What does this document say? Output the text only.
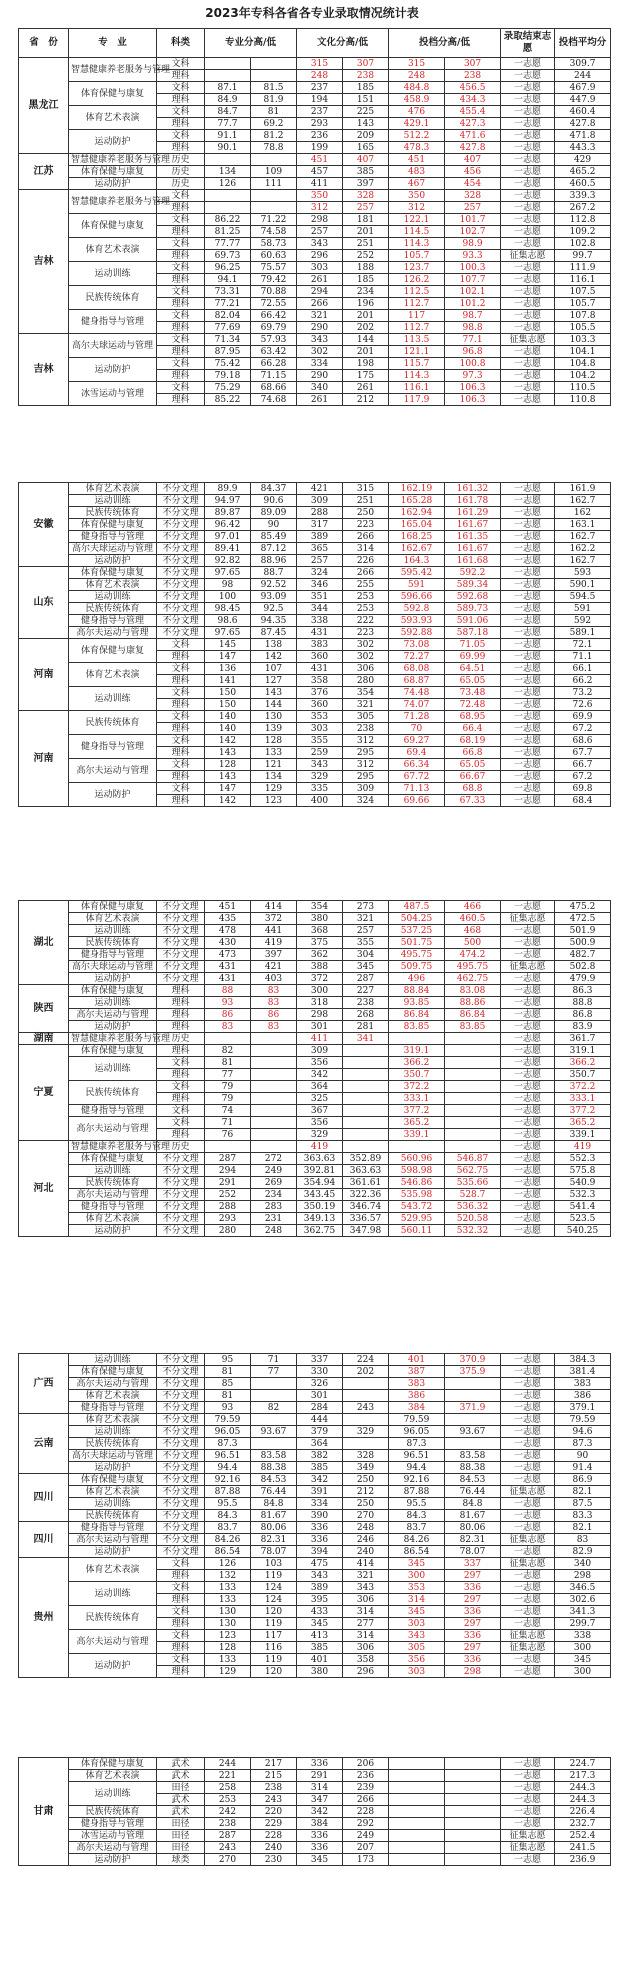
2023年专科各省各专业录取情况统计表
省　份	专　业	科类	专业分高/低		文化分高/低		投档分高/低		录取结束志愿	投档平均分
黑龙江	智慧健康养老服务与管理	文科			315	307	315	307	一志愿	309.7
		理科			248	238	248	238	一志愿	244
	体育保健与康复	文科	87.1	81.5	237	185	484.8	456.5	一志愿	467.9
		理科	84.9	81.9	194	151	458.9	434.3	一志愿	447.9
	体育艺术表演	文科	84.7	81	237	225	476	455.4	一志愿	460.4
		理科	77.7	69.2	293	143	429.1	427.3	一志愿	427.8
	运动防护	文科	91.1	81.2	236	209	512.2	471.6	一志愿	471.8
		理科	90.1	78.8	199	165	478.3	427.8	一志愿	443.3
江苏	智慧健康养老服务与管理	历史			451	407	451	407	一志愿	429
	体育保健与康复	历史	134	109	457	385	483	456	一志愿	465.2
	运动防护	历史	126	111	411	397	467	454	一志愿	460.5
吉林	智慧健康养老服务与管理	文科			350	328	350	328	一志愿	339.3
		理科			312	257	312	257	一志愿	267.2
	体育保健与康复	文科	86.22	71.22	298	181	122.1	101.7	一志愿	112.8
		理科	81.25	74.58	257	201	114.5	102.7	一志愿	109.2
	体育艺术表演	文科	77.77	58.73	343	251	114.3	98.9	一志愿	102.8
		理科	69.73	60.63	296	252	105.7	93.3	征集志愿	99.7
	运动训练	文科	96.25	75.57	303	188	123.7	100.3	一志愿	111.9
		理科	94.1	79.42	261	185	126.2	107.7	一志愿	116.1
	民族传统体育	文科	73.31	70.88	294	234	112.5	102.1	一志愿	107.5
		理科	77.21	72.55	266	196	112.7	101.2	一志愿	105.7
	健身指导与管理	文科	82.04	66.42	321	201	117	98.7	一志愿	107.8
		理科	77.69	69.79	290	202	112.7	98.8	一志愿	105.5
吉林	高尔夫球运动与管理	文科	71.34	57.93	343	144	113.5	77.1	征集志愿	103.3
		理科	87.95	63.42	302	201	121.1	96.8	一志愿	104.1
	运动防护	文科	75.42	66.28	334	198	115.7	100.8	一志愿	104.8
		理科	79.18	71.15	290	175	114.3	97.3	一志愿	104.2
	冰雪运动与管理	文科	75.29	68.66	340	261	116.1	106.3	一志愿	110.5
		理科	85.22	74.68	261	212	117.9	106.3	一志愿	110.8
安徽	体育艺术表演	不分文理	89.9	84.37	421	315	162.19	161.32	一志愿	161.9
	运动训练	不分文理	94.97	90.6	309	251	165.28	161.78	一志愿	162.7
	民族传统体育	不分文理	89.87	89.09	288	250	162.94	161.29	一志愿	162
	体育保健与康复	不分文理	96.42	90	317	223	165.04	161.67	一志愿	163.1
	健身指导与管理	不分文理	97.01	85.49	389	266	168.25	161.35	一志愿	162.7
	高尔夫球运动与管理	不分文理	89.41	87.12	365	314	162.67	161.67	一志愿	162.2
	运动防护	不分文理	92.82	88.96	257	226	164.3	161.68	一志愿	162.7
山东	体育保健与康复	不分文理	97.65	88.7	324	266	595.42	592.2	一志愿	593
	体育艺术表演	不分文理	98	92.52	346	255	591	589.34	一志愿	590.1
	运动训练	不分文理	100	93.09	351	253	596.66	592.68	一志愿	594.5
	民族传统体育	不分文理	98.45	92.5	344	253	592.8	589.73	一志愿	591
	健身指导与管理	不分文理	98.6	94.35	338	222	593.93	591.06	一志愿	592
	高尔夫运动与管理	不分文理	97.65	87.45	431	223	592.88	587.18	一志愿	589.1
河南	体育保健与康复	文科	145	138	383	302	73.08	71.05	一志愿	72.1
		理科	147	142	360	302	72.27	69.99	一志愿	71.1
	体育艺术表演	文科	136	107	431	306	68.08	64.51	一志愿	66.1
		理科	141	127	358	280	68.87	65.05	一志愿	66.2
	运动训练	文科	150	143	376	354	74.48	73.48	一志愿	73.2
		理科	150	144	360	321	74.07	72.48	一志愿	72.6
河南	民族传统体育	文科	140	130	353	305	71.28	68.95	一志愿	69.9
		理科	140	139	303	238	70	66.4	一志愿	67.2
	健身指导与管理	文科	142	128	355	312	69.27	68.19	一志愿	68.6
		理科	143	133	259	295	69.4	66.8	一志愿	67.7
	高尔夫运动与管理	文科	128	121	343	312	66.34	65.05	一志愿	66.7
		理科	143	134	329	295	67.72	66.67	一志愿	67.2
	运动防护	文科	147	129	335	309	71.13	68.8	一志愿	69.8
		理科	142	123	400	324	69.66	67.33	一志愿	68.4
湖北	体育保健与康复	不分文理	451	414	354	273	487.5	466	一志愿	475.2
	体育艺术表演	不分文理	435	372	380	321	504.25	460.5	征集志愿	472.5
	运动训练	不分文理	478	441	368	257	537.25	468	一志愿	501.9
	民族传统体育	不分文理	430	419	375	355	501.75	500	一志愿	500.9
	健身指导与管理	不分文理	473	397	362	304	495.75	474.2	一志愿	482.7
	高尔夫球运动与管理	不分文理	431	421	388	345	509.75	495.75	征集志愿	502.8
	运动防护	不分文理	431	403	372	287	496	462.75	一志愿	479.9
陕西	体育保健与康复	理科	88	83	300	227	88.84	83.08	一志愿	86.3
	运动训练	理科	93	83	318	238	93.85	88.86	一志愿	88.8
	高尔夫运动与管理	理科	86	86	298	268	86.84	86.84	一志愿	86.8
	运动防护	理科	83	83	301	281	83.85	83.85	一志愿	83.9
湖南	智慧健康养老服务与管理	历史			411	341			一志愿	361.7
宁夏	体育保健与康复	理科	82		309		319.1		一志愿	319.1
	运动训练	文科	81		356		366.2		一志愿	366.2
		理科	77		342		350.7		一志愿	350.7
	民族传统体育	文科	79		364		372.2		一志愿	372.2
		理科	79		325		333.1		一志愿	333.1
	健身指导与管理	文科	74		367		377.2		一志愿	377.2
	高尔夫运动与管理	文科	71		356		365.2		一志愿	365.2
		理科	76		329		339.1		一志愿	339.1
河北	智慧健康养老服务与管理	历史			419				一志愿	419
	体育保健与康复	不分文理	287	272	363.63	352.89	560.96	546.87	一志愿	552.3
	运动训练	不分文理	294	249	392.81	363.63	598.98	562.75	一志愿	575.8
	民族传统体育	不分文理	291	269	354.94	361.61	546.86	535.66	一志愿	540.9
	高尔夫运动与管理	不分文理	252	234	343.45	322.36	535.98	528.7	一志愿	532.3
	健身指导与管理	不分文理	288	283	350.19	346.74	543.72	536.32	一志愿	541.4
	体育艺术表演	不分文理	293	231	349.13	336.57	529.95	520.58	一志愿	523.5
	运动防护	不分文理	280	248	362.75	347.98	560.11	532.32	一志愿	540.25
广西	运动训练	不分文理	95	71	337	224	401	370.9	一志愿	384.3
	体育保健与康复	不分文理	81	77	330	202	387	375.9	一志愿	381.4
	高尔夫运动与管理	不分文理	85		326		383		一志愿	383
	体育艺术表演	不分文理	81		301		386		一志愿	386
	健身指导与管理	不分文理	93	82	284	243	384	371.9	一志愿	379.1
云南	体育艺术表演	不分文理	79.59		444		79.59		一志愿	79.59
	运动训练	不分文理	96.05	93.67	379	329	96.05	93.67	一志愿	94.6
	民族传统体育	不分文理	87.3		364		87.3		一志愿	87.3
	高尔夫球运动与管理	不分文理	96.51	83.58	382	328	96.51	83.58	一志愿	90
	运动防护	不分文理	94.4	88.38	385	349	94.4	88.38	一志愿	91.4
四川	体育保健与康复	不分文理	92.16	84.53	342	250	92.16	84.53	一志愿	86.9
	体育艺术表演	不分文理	87.88	76.44	391	212	87.88	76.44	征集志愿	82.1
	运动训练	不分文理	95.5	84.8	334	250	95.5	84.8	一志愿	87.5
	民族传统体育	不分文理	84.3	81.67	390	270	84.3	81.67	一志愿	83.3
四川	健身指导与管理	不分文理	83.7	80.06	336	248	83.7	80.06	一志愿	82.1
	高尔夫运动与管理	不分文理	84.26	82.31	336	246	84.26	82.31	征集志愿	83
	运动防护	不分文理	86.54	78.07	394	240	86.54	78.07	一志愿	82.9
贵州	体育艺术表演	文科	126	103	475	414	345	337	征集志愿	340
		理科	132	119	343	321	300	297	一志愿	298
	运动训练	文科	133	124	389	343	353	336	一志愿	346.5
		理科	133	124	395	306	314	297	一志愿	302.6
	民族传统体育	文科	130	120	433	314	345	336	一志愿	341.3
		理科	130	119	345	277	303	297	一志愿	299.7
	高尔夫运动与管理	文科	123	117	413	314	343	336	征集志愿	338
		理科	128	116	385	306	305	297	征集志愿	300
	运动防护	文科	133	119	401	358	356	336	一志愿	345
		理科	129	120	380	296	303	298	一志愿	300
甘肃	体育保健与康复	武术	244	217	336	206			一志愿	224.7
	体育艺术表演	武术	221	215	291	236			一志愿	217.3
	运动训练	田径	258	238	314	239			一志愿	244.3
		武术	253	243	347	266			一志愿	244.3
	民族传统体育	武术	242	220	342	228			一志愿	226.4
	健身指导与管理	田径	238	229	384	292			一志愿	232.7
	冰雪运动与管理	田径	287	228	336	249			征集志愿	252.4
	高尔夫运动与管理	田径	243	240	336	207			征集志愿	241.5
	运动防护	球类	270	230	345	173			一志愿	236.9
